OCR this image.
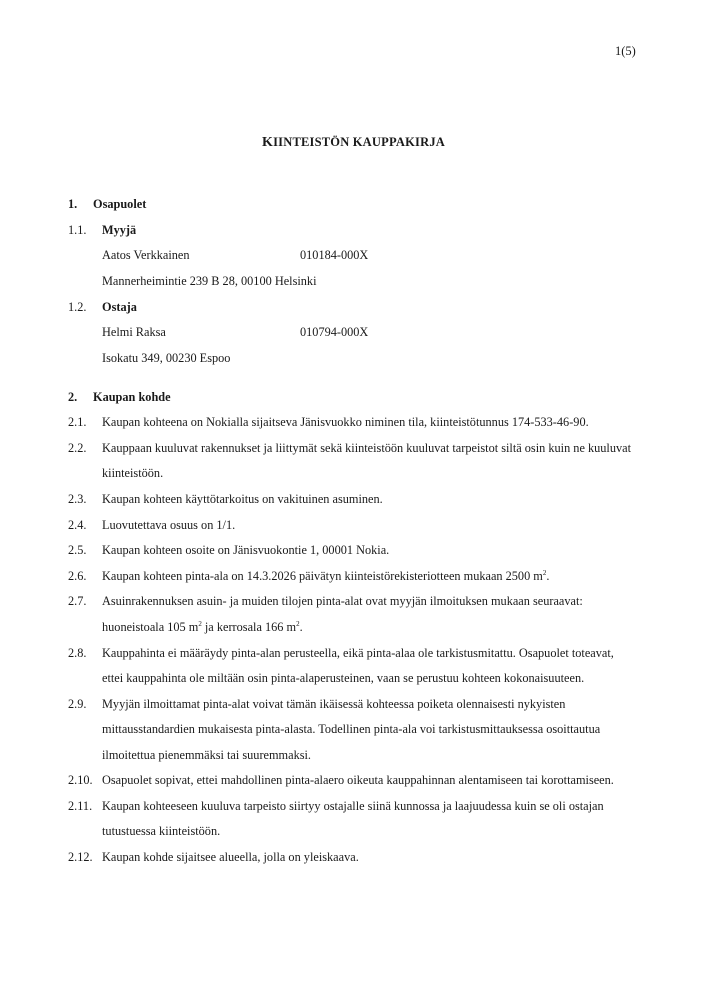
1(5)
KIINTEISTÖN KAUPPAKIRJA
1. Osapuolet
1.1. Myyjä
Aatos Verkkainen	010184-000X
Mannerheimintie 239 B 28, 00100 Helsinki
1.2. Ostaja
Helmi Raksa	010794-000X
Isokatu 349, 00230 Espoo
2. Kaupan kohde
2.1. Kaupan kohteena on Nokialla sijaitseva Jänisvuokko niminen tila, kiinteistötunnus 174-533-46-90.
2.2. Kauppaan kuuluvat rakennukset ja liittymät sekä kiinteistöön kuuluvat tarpeistot siltä osin kuin ne kuuluvat
kiinteistöön.
2.3. Kaupan kohteen käyttötarkoitus on vakituinen asuminen.
2.4. Luovutettava osuus on 1/1.
2.5. Kaupan kohteen osoite on Jänisvuokontie 1, 00001 Nokia.
2.6. Kaupan kohteen pinta-ala on 14.3.2026 päivätyn kiinteistörekisteriotteen mukaan 2500 $m^2$.
2.7. Asuinrakennuksen asuin- ja muiden tilojen pinta-alat ovat myyjän ilmoituksen mukaan seuraavat:
huoneistoala 105 $m^2$ ja kerrosala 166 $m^2$.
2.8. Kauppahinta ei määräydy pinta-alan perusteella, eikä pinta-alaa ole tarkistusmitattu. Osapuolet toteavat,
ettei kauppahinta ole miltään osin pinta-alaperusteinen, vaan se perustuu kohteen kokonaisuuteen.
2.9. Myyjän ilmoittamat pinta-alat voivat tämän ikäisessä kohteessa poiketa olennaisesti nykyisten
mittausstandardien mukaisesta pinta-alasta. Todellinen pinta-ala voi tarkistusmittauksessa osoittautua
ilmoitettua pienemmäksi tai suuremmaksi.
2.10. Osapuolet sopivat, ettei mahdollinen pinta-alaero oikeuta kauppahinnan alentamiseen tai korottamiseen.
2.11. Kaupan kohteeseen kuuluva tarpeisto siirtyy ostajalle siinä kunnossa ja laajuudessa kuin se oli ostajan
tutustuessa kiinteistöön.
2.12. Kaupan kohde sijaitsee alueella, jolla on yleiskaava.
